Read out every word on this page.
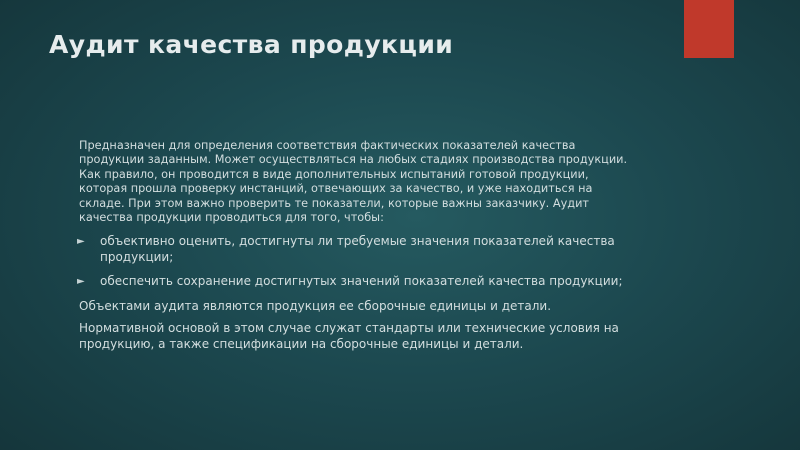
Аудит качества продукции

Предназначен для определения соответствия фактических показателей качества продукции заданным. Может осуществляться на любых стадиях производства продукции. Как правило, он проводится в виде дополнительных испытаний готовой продукции, которая прошла проверку инстанций, отвечающих за качество, и уже находиться на складе. При этом важно проверить те показатели, которые важны заказчику. Аудит качества продукции проводиться для того, чтобы:

► объективно оценить, достигнуты ли требуемые значения показателей качества продукции;
► обеспечить сохранение достигнутых значений показателей качества продукции;

Объектами аудита являются продукция ее сборочные единицы и детали.

Нормативной основой в этом случае служат стандарты или технические условия на продукцию, а также спецификации на сборочные единицы и детали.
